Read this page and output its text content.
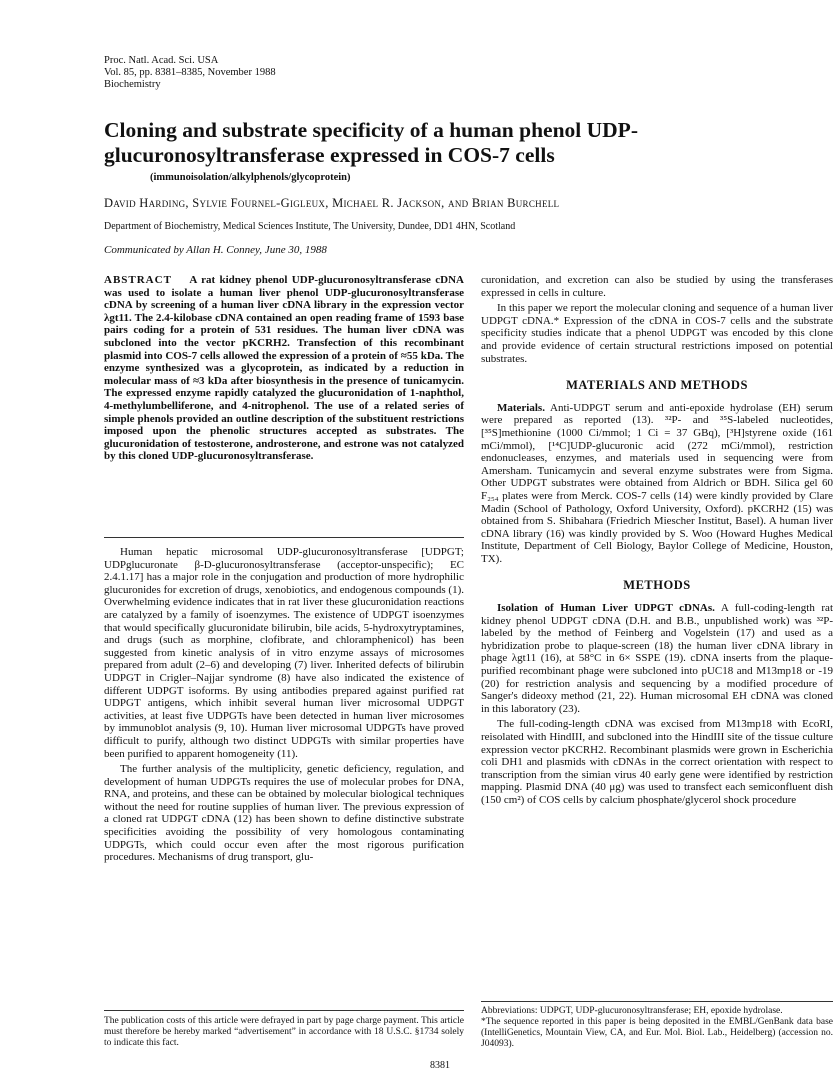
Proc. Natl. Acad. Sci. USA
Vol. 85, pp. 8381–8385, November 1988
Biochemistry
Cloning and substrate specificity of a human phenol UDP-glucuronosyltransferase expressed in COS-7 cells
(immunoisolation/alkylphenols/glycoprotein)
David Harding, Sylvie Fournel-Gigleux, Michael R. Jackson, and Brian Burchell
Department of Biochemistry, Medical Sciences Institute, The University, Dundee, DD1 4HN, Scotland
Communicated by Allan H. Conney, June 30, 1988
ABSTRACT A rat kidney phenol UDP-glucuronosyltransferase cDNA was used to isolate a human liver phenol UDP-glucuronosyltransferase cDNA by screening of a human liver cDNA library in the expression vector λgt11. The 2.4-kilobase cDNA contained an open reading frame of 1593 base pairs coding for a protein of 531 residues. The human liver cDNA was subcloned into the vector pKCRH2. Transfection of this recombinant plasmid into COS-7 cells allowed the expression of a protein of ≈55 kDa. The enzyme synthesized was a glycoprotein, as indicated by a reduction in molecular mass of ≈3 kDa after biosynthesis in the presence of tunicamycin. The expressed enzyme rapidly catalyzed the glucuronidation of 1-naphthol, 4-methylumbelliferone, and 4-nitrophenol. The use of a related series of simple phenols provided an outline description of the substituent restrictions imposed upon the phenolic structures accepted as substrates. The glucuronidation of testosterone, androsterone, and estrone was not catalyzed by this cloned UDP-glucuronosyltransferase.

Human hepatic microsomal UDP-glucuronosyltransferase [UDPGT; UDPglucuronate β-D-glucuronosyltransferase (acceptor-unspecific); EC 2.4.1.17] has a major role in the conjugation and production of more hydrophilic glucuronides for excretion of drugs, xenobiotics, and endogenous compounds (1). Overwhelming evidence indicates that in rat liver these glucuronidation reactions are catalyzed by a family of isoenzymes. The existence of UDPGT isoenzymes that would specifically glucuronidate bilirubin, bile acids, 5-hydroxytryptamines, and drugs (such as morphine, clofibrate, and chloramphenicol) has been suggested from kinetic analysis of in vitro enzyme assays of microsomes prepared from adult (2–6) and developing (7) liver. Inherited defects of bilirubin UDPGT in Crigler–Najjar syndrome (8) have also indicated the existence of different UDPGT isoforms. By using antibodies prepared against purified rat UDPGT antigens, which inhibit several human liver microsomal UDPGT activities, at least five UDPGTs have been detected in human liver microsomes by immunoblot analysis (9, 10). Human liver microsomal UDPGTs have proved difficult to purify, although two distinct UDPGTs with similar properties have been purified to apparent homogeneity (11).

The further analysis of the multiplicity, genetic deficiency, regulation, and development of human UDPGTs requires the use of molecular probes for DNA, RNA, and proteins, and these can be obtained by molecular biological techniques without the need for routine supplies of human liver. The previous expression of a cloned rat UDPGT cDNA (12) has been shown to define distinctive substrate specificities avoiding the possibility of very homologous contaminating UDPGTs, which could occur even after the most rigorous purification procedures. Mechanisms of drug transport, glu-

The publication costs of this article were defrayed in part by page charge payment. This article must therefore be hereby marked “advertisement” in accordance with 18 U.S.C. §1734 solely to indicate this fact.

curonidation, and excretion can also be studied by using the transferases expressed in cells in culture.

In this paper we report the molecular cloning and sequence of a human liver UDPGT cDNA.* Expression of the cDNA in COS-7 cells and the substrate specificity studies indicate that a phenol UDPGT was encoded by this clone and provide evidence of certain structural restrictions imposed on potential substrates.

MATERIALS AND METHODS

Materials. Anti-UDPGT serum and anti-epoxide hydrolase (EH) serum were prepared as reported (13). ³²P- and ³⁵S-labeled nucleotides, [³⁵S]methionine (1000 Ci/mmol; 1 Ci = 37 GBq), [³H]styrene oxide (161 mCi/mmol), [¹⁴C]UDP-glucuronic acid (272 mCi/mmol), restriction endonucleases, enzymes, and materials used in sequencing were from Amersham. Tunicamycin and several enzyme substrates were from Sigma. Other UDPGT substrates were obtained from Aldrich or BDH. Silica gel 60 F₂₅₄ plates were from Merck. COS-7 cells (14) were kindly provided by Clare Madin (School of Pathology, Oxford University, Oxford). pKCRH2 (15) was obtained from S. Shibahara (Friedrich Miescher Institut, Basel). A human liver cDNA library (16) was kindly provided by S. Woo (Howard Hughes Medical Institute, Department of Cell Biology, Baylor College of Medicine, Houston, TX).

METHODS

Isolation of Human Liver UDPGT cDNAs. A full-coding-length rat kidney phenol UDPGT cDNA (D.H. and B.B., unpublished work) was ³²P-labeled by the method of Feinberg and Vogelstein (17) and used as a hybridization probe to plaque-screen (18) the human liver cDNA library in phage λgt11 (16), at 58°C in 6× SSPE (19). cDNA inserts from the plaque-purified recombinant phage were subcloned into pUC18 and M13mp18 or -19 (20) for restriction analysis and sequencing by a modified procedure of Sanger's dideoxy method (21, 22). Human microsomal EH cDNA was cloned in this laboratory (23).

The full-coding-length cDNA was excised from M13mp18 with EcoRI, reisolated with HindIII, and subcloned into the HindIII site of the tissue culture expression vector pKCRH2. Recombinant plasmids were grown in Escherichia coli DH1 and plasmids with cDNAs in the correct orientation with respect to transcription from the simian virus 40 early gene were identified by restriction mapping. Plasmid DNA (40 μg) was used to transfect each semiconfluent dish (150 cm²) of COS cells by calcium phosphate/glycerol shock procedure

Abbreviations: UDPGT, UDP-glucuronosyltransferase; EH, epoxide hydrolase.
*The sequence reported in this paper is being deposited in the EMBL/GenBank data base (IntelliGenetics, Mountain View, CA, and Eur. Mol. Biol. Lab., Heidelberg) (accession no. J04093).
8381
